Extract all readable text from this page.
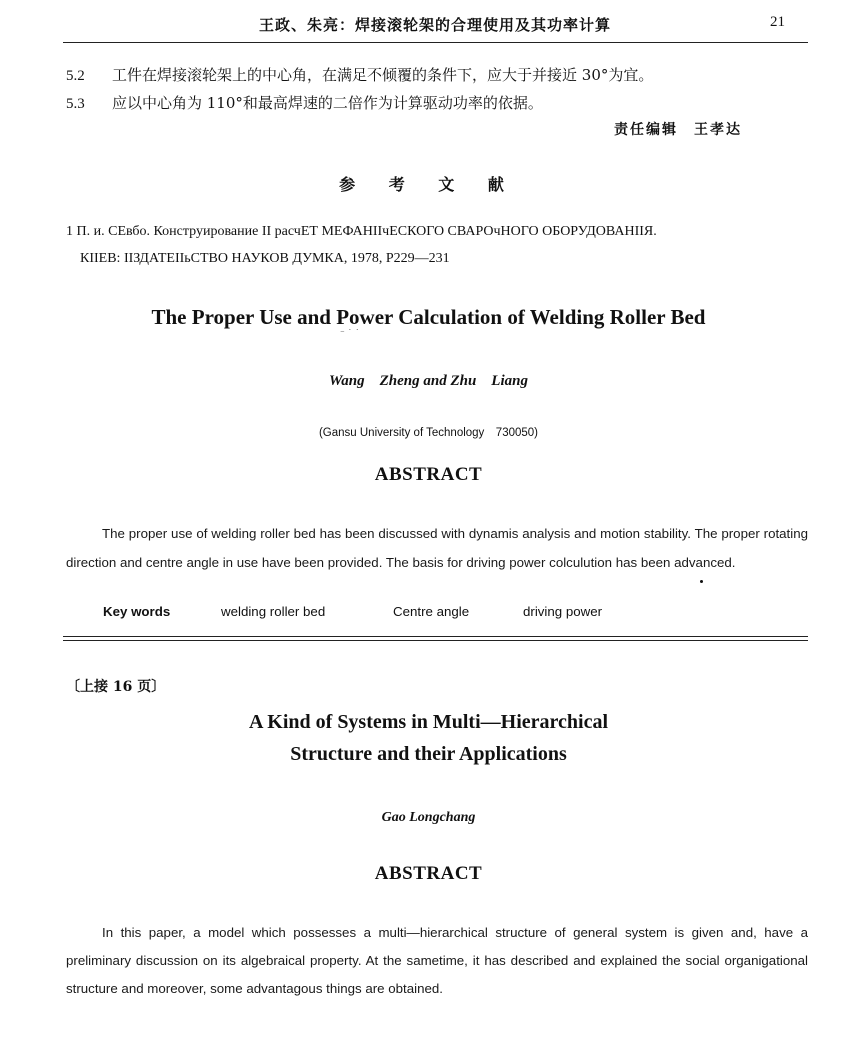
王政、朱亮：焊接滚轮架的合理使用及其功率计算	21
5.2 工件在焊接滚轮架上的中心角，在满足不倾覆的条件下，应大于并接近 30°为宜。
5.3 应以中心角为 110°和最高焊速的二倍作为计算驱动功率的依据。
责任编辑　王孝达
参 考 文 献
1 П. и. СЕвбо. Конструирование II расчЕТ МЕФАНIIчЕСКОГО СВАРОчНОГО ОБОРУДОВАНIIЯ.
КIIЕВ: IIЗДАТЕIIьСТВО НАУКОВ ДУМКА, 1978, Р229—231
The Proper Use and Power Calculation of Welding Roller Bed
⁻ ˙ ˙
Wang　Zheng and Zhu　Liang
(Gansu University of Technology　730050)
ABSTRACT
The proper use of welding roller bed has been discussed with dynamis analysis and motion stability. The proper rotating direction and centre angle in use have been provided. The basis for driving power colculution has been advanced.
Key words	welding roller bed	Centre angle	driving power
〔上接 16 页〕
A Kind of Systems in Multi—Hierarchical
Structure and their Applications
Gao Longchang
ABSTRACT
In this paper, a model which possesses a multi—hierarchical structure of general system is given and, have a preliminary discussion on its algebraical property. At the sametime, it has described and explained the social organigational structure and moreover, some advantagous things are obtained.
